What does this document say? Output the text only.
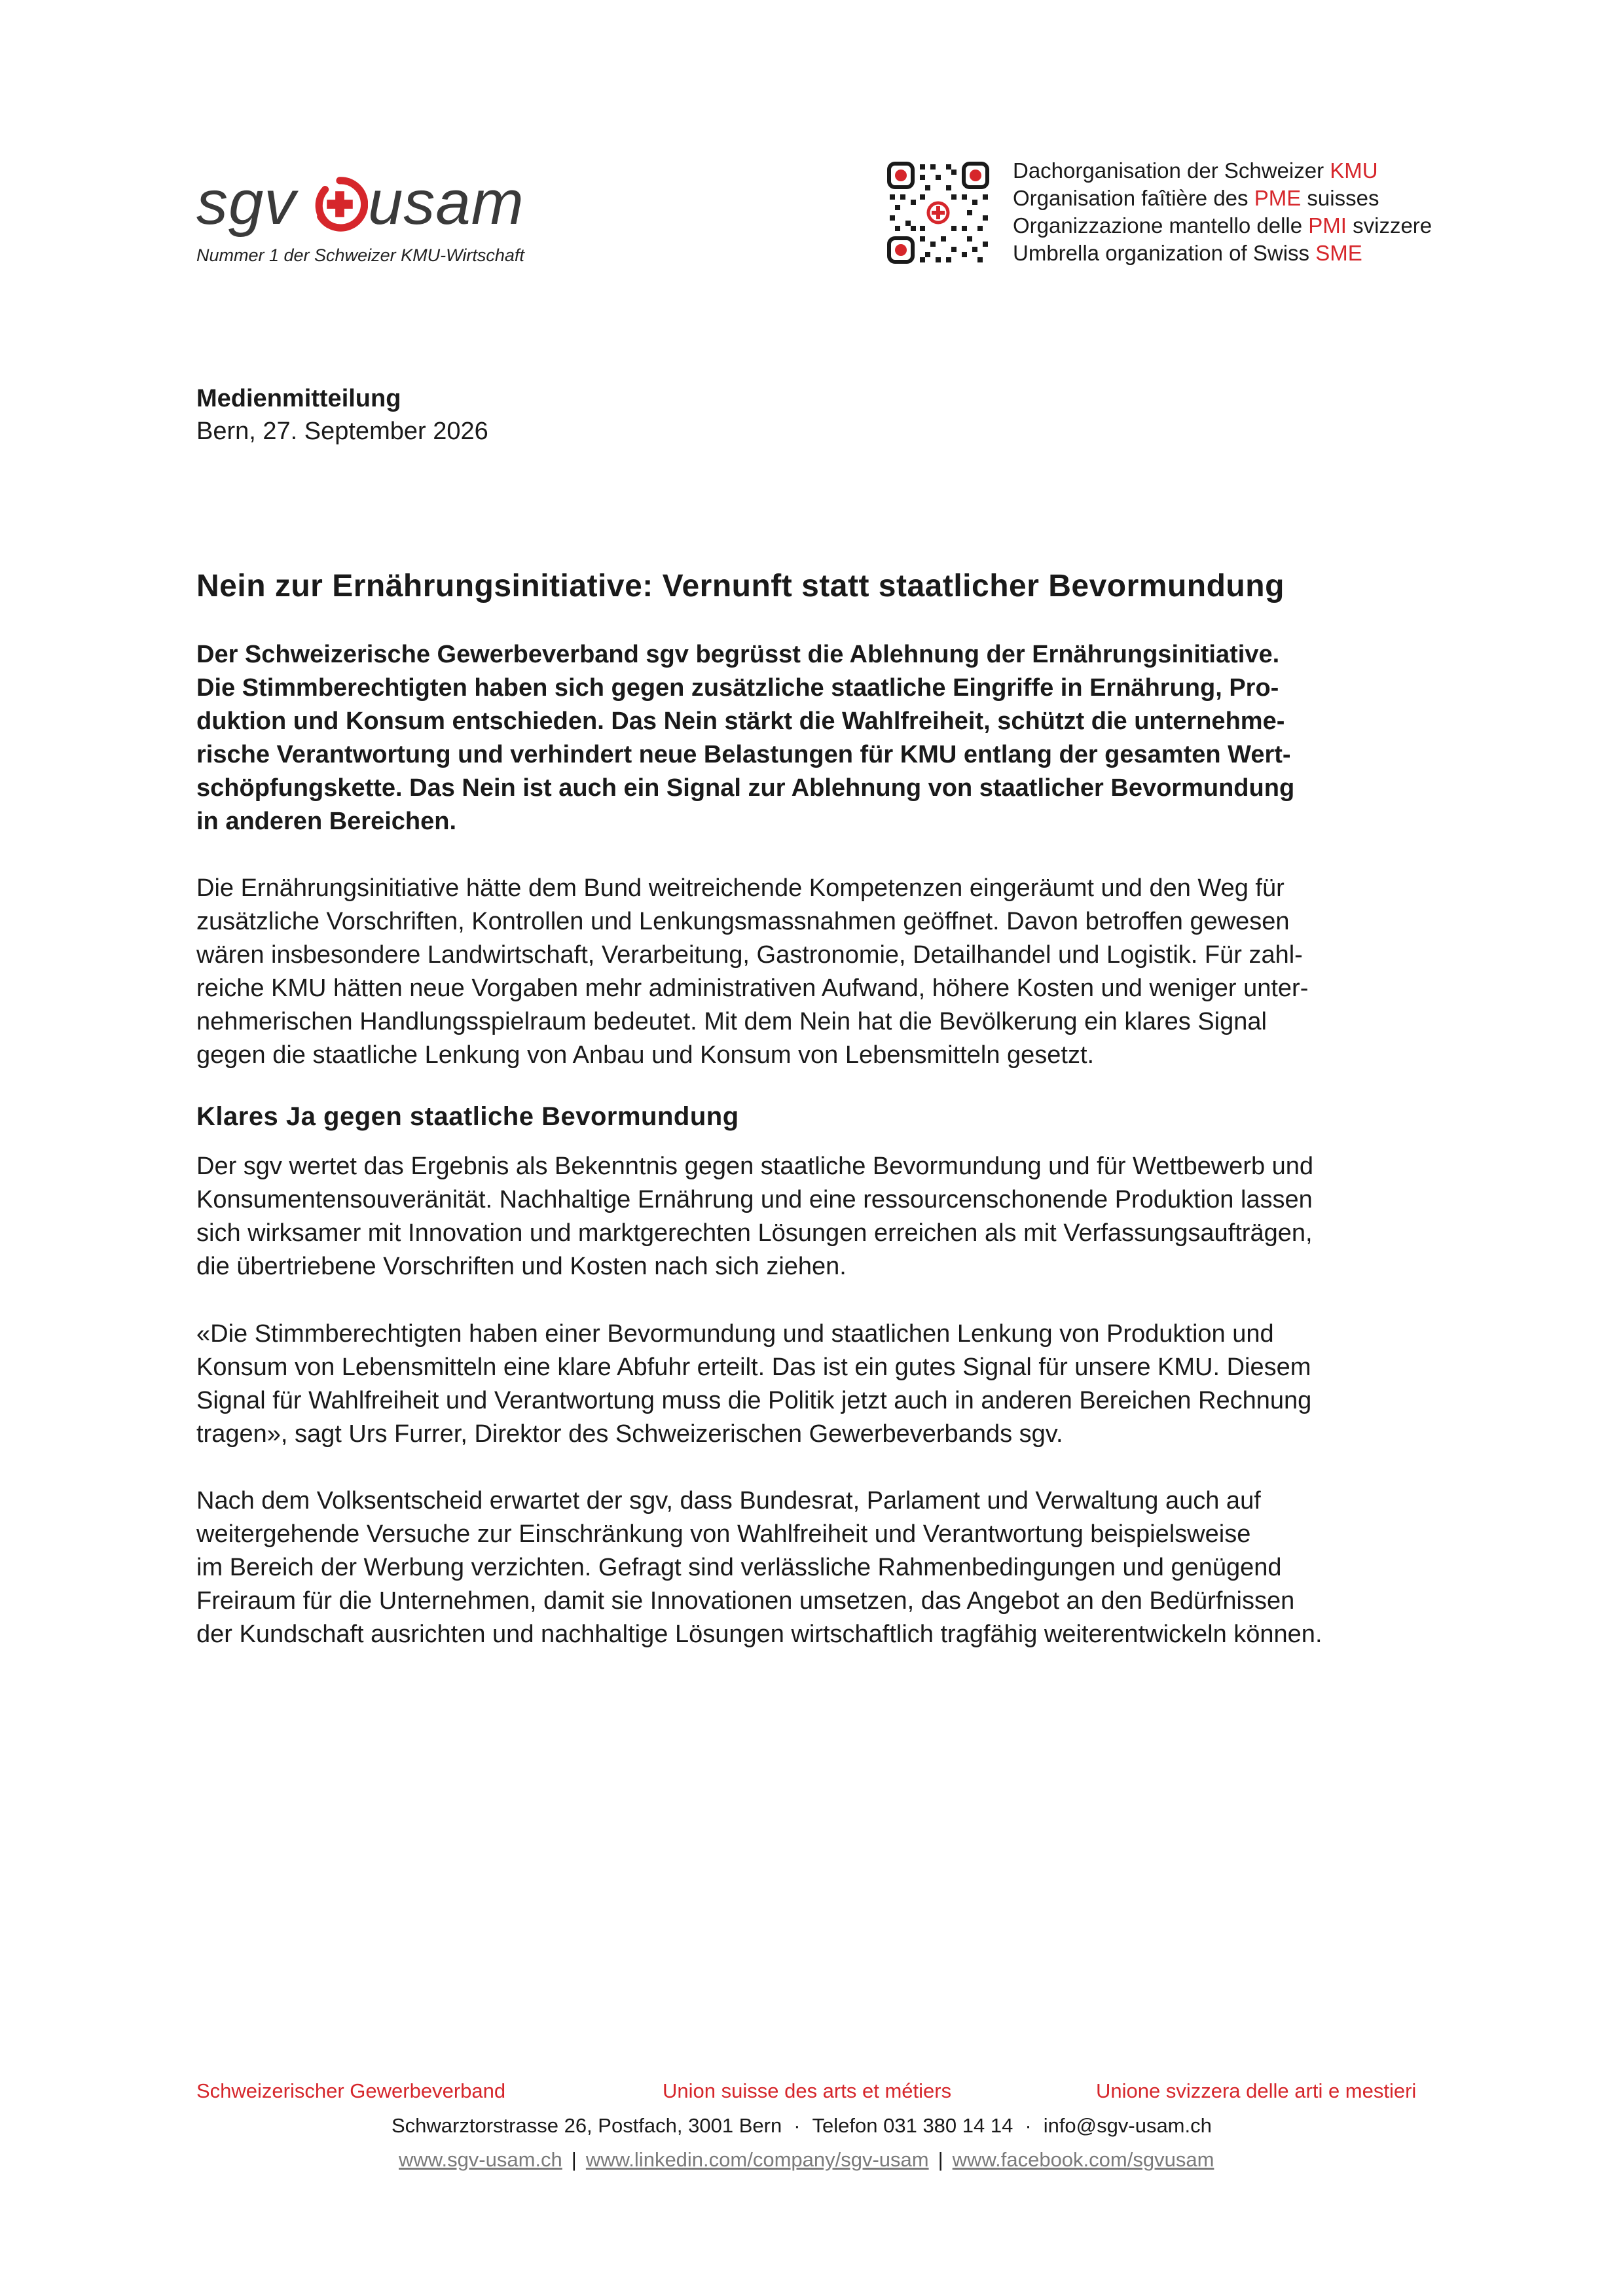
sgv usam
Nummer 1 der Schweizer KMU-Wirtschaft
Dachorganisation der Schweizer KMU
Organisation faîtière des PME suisses
Organizzazione mantello delle PMI svizzere
Umbrella organization of Swiss SME
Medienmitteilung
Bern, 27. September 2026
Nein zur Ernährungsinitiative: Vernunft statt staatlicher Bevormundung
Der Schweizerische Gewerbeverband sgv begrüsst die Ablehnung der Ernährungsinitiative.
Die Stimmberechtigten haben sich gegen zusätzliche staatliche Eingriffe in Ernährung, Pro-
duktion und Konsum entschieden. Das Nein stärkt die Wahlfreiheit, schützt die unternehme-
rische Verantwortung und verhindert neue Belastungen für KMU entlang der gesamten Wert-
schöpfungskette. Das Nein ist auch ein Signal zur Ablehnung von staatlicher Bevormundung
in anderen Bereichen.
Die Ernährungsinitiative hätte dem Bund weitreichende Kompetenzen eingeräumt und den Weg für
zusätzliche Vorschriften, Kontrollen und Lenkungsmassnahmen geöffnet. Davon betroffen gewesen
wären insbesondere Landwirtschaft, Verarbeitung, Gastronomie, Detailhandel und Logistik. Für zahl-
reiche KMU hätten neue Vorgaben mehr administrativen Aufwand, höhere Kosten und weniger unter-
nehmerischen Handlungsspielraum bedeutet. Mit dem Nein hat die Bevölkerung ein klares Signal
gegen die staatliche Lenkung von Anbau und Konsum von Lebensmitteln gesetzt.
Klares Ja gegen staatliche Bevormundung
Der sgv wertet das Ergebnis als Bekenntnis gegen staatliche Bevormundung und für Wettbewerb und
Konsumentensouveränität. Nachhaltige Ernährung und eine ressourcenschonende Produktion lassen
sich wirksamer mit Innovation und marktgerechten Lösungen erreichen als mit Verfassungsaufträgen,
die übertriebene Vorschriften und Kosten nach sich ziehen.
«Die Stimmberechtigten haben einer Bevormundung und staatlichen Lenkung von Produktion und
Konsum von Lebensmitteln eine klare Abfuhr erteilt. Das ist ein gutes Signal für unsere KMU. Diesem
Signal für Wahlfreiheit und Verantwortung muss die Politik jetzt auch in anderen Bereichen Rechnung
tragen», sagt Urs Furrer, Direktor des Schweizerischen Gewerbeverbands sgv.
Nach dem Volksentscheid erwartet der sgv, dass Bundesrat, Parlament und Verwaltung auch auf
weitergehende Versuche zur Einschränkung von Wahlfreiheit und Verantwortung beispielsweise
im Bereich der Werbung verzichten. Gefragt sind verlässliche Rahmenbedingungen und genügend
Freiraum für die Unternehmen, damit sie Innovationen umsetzen, das Angebot an den Bedürfnissen
der Kundschaft ausrichten und nachhaltige Lösungen wirtschaftlich tragfähig weiterentwickeln können.
Schweizerischer Gewerbeverband	Union suisse des arts et métiers	Unione svizzera delle arti e mestieri
Schwarztorstrasse 26, Postfach, 3001 Bern · Telefon 031 380 14 14 · info@sgv-usam.ch
www.sgv-usam.ch | www.linkedin.com/company/sgv-usam | www.facebook.com/sgvusam
